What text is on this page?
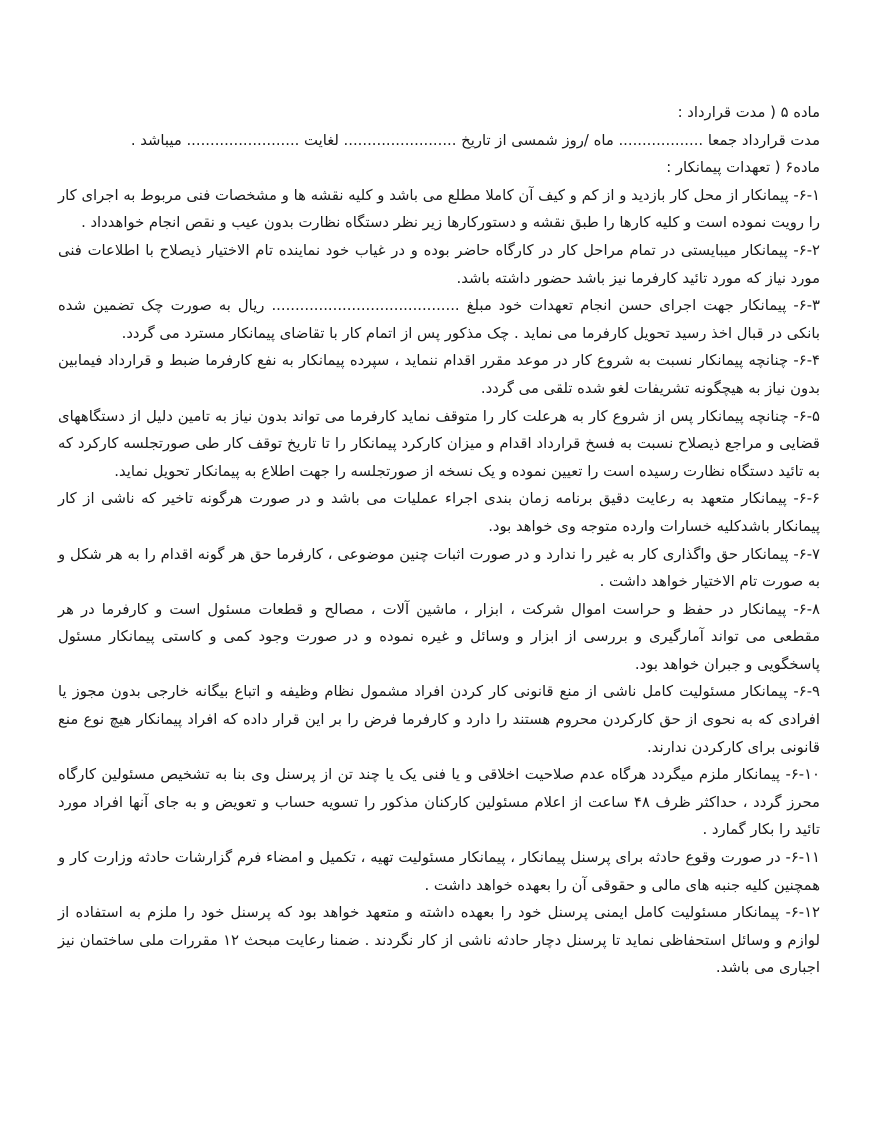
ماده ۵ ( مدت قرارداد :

مدت قرارداد جمعا .................. ماه /روز شمسی از تاریخ ........................ لغایت ........................ میباشد .

ماده۶ ( تعهدات پیمانکار :

۶-۱- پیمانکار از محل کار بازدید و از کم و کیف آن کاملا مطلع می باشد و کلیه نقشه ها و مشخصات فنی مربوط به اجرای کار را رویت نموده است و کلیه کارها را طبق نقشه و دستورکارها زیر نظر دستگاه نظارت بدون عیب و نقص انجام خواهدداد .

۶-۲- پیمانکار میبایستی در تمام مراحل کار در کارگاه حاضر بوده و در غیاب خود نماینده تام الاختیار ذیصلاح با اطلاعات فنی مورد نیاز که مورد تائید کارفرما نیز باشد حضور داشته باشد.

۶-۳- پیمانکار جهت اجرای حسن انجام تعهدات خود مبلغ ........................................ ریال به صورت چک تضمین شده بانکی در قبال اخذ رسید تحویل کارفرما می نماید . چک مذکور پس از اتمام کار با تقاضای پیمانکار مسترد می گردد.

۶-۴- چنانچه پیمانکار نسبت به شروع کار در موعد مقرر اقدام ننماید ، سپرده پیمانکار به نفع کارفرما ضبط و قرارداد فیمابین بدون نیاز به هیچگونه تشریفات لغو شده تلقی می گردد.

۶-۵- چنانچه پیمانکار پس از شروع کار به هرعلت کار را متوقف نماید کارفرما می تواند بدون نیاز به تامین دلیل از دستگاههای قضایی و مراجع ذیصلاح نسبت به فسخ قرارداد اقدام و میزان کارکرد پیمانکار را تا تاریخ توقف کار طی صورتجلسه کارکرد که به تائید دستگاه نظارت رسیده است را تعیین نموده و یک نسخه از صورتجلسه را جهت اطلاع به پیمانکار تحویل نماید.

۶-۶- پیمانکار متعهد به رعایت دقیق برنامه زمان بندی اجراء عملیات می باشد و در صورت هرگونه تاخیر که ناشی از کار پیمانکار باشدکلیه خسارات وارده متوجه وی خواهد بود.

۶-۷- پیمانکار حق واگذاری کار به غیر را ندارد و در صورت اثبات چنین موضوعی ، کارفرما حق هر گونه اقدام را به هر شکل و به صورت تام الاختیار خواهد داشت .

۶-۸- پیمانکار در حفظ و حراست اموال شرکت ، ابزار ، ماشین آلات ، مصالح و قطعات مسئول است و کارفرما در هر مقطعی می تواند آمارگیری و بررسی از ابزار و وسائل و غیره نموده و در صورت وجود کمی و کاستی پیمانکار مسئول پاسخگویی و جبران خواهد بود.

۶-۹- پیمانکار مسئولیت کامل ناشی از منع قانونی کار کردن افراد مشمول نظام وظیفه و اتباع بیگانه خارجی بدون مجوز یا افرادی که به نحوی از حق کارکردن محروم هستند را دارد و کارفرما فرض را بر این قرار داده که افراد پیمانکار هیچ نوع منع قانونی برای کارکردن ندارند.

۶-۱۰- پیمانکار ملزم میگردد هرگاه عدم صلاحیت اخلاقی و یا فنی یک یا چند تن از پرسنل وی بنا به تشخیص مسئولین کارگاه محرز گردد ، حداکثر ظرف ۴۸ ساعت از اعلام مسئولین کارکنان مذکور را تسویه حساب و تعویض و به جای آنها افراد مورد تائید را بکار گمارد .

۶-۱۱- در صورت وقوع حادثه برای پرسنل پیمانکار ، پیمانکار مسئولیت تهیه ، تکمیل و امضاء فرم گزارشات حادثه وزارت کار و همچنین کلیه جنبه های مالی و حقوقی آن را بعهده خواهد داشت .

۶-۱۲- پیمانکار مسئولیت کامل ایمنی پرسنل خود را بعهده داشته و متعهد خواهد بود که پرسنل خود را ملزم به استفاده از لوازم و وسائل استحفاظی نماید تا پرسنل دچار حادثه ناشی از کار نگردند . ضمنا رعایت مبحث ۱۲ مقررات ملی ساختمان نیز اجباری می باشد.
